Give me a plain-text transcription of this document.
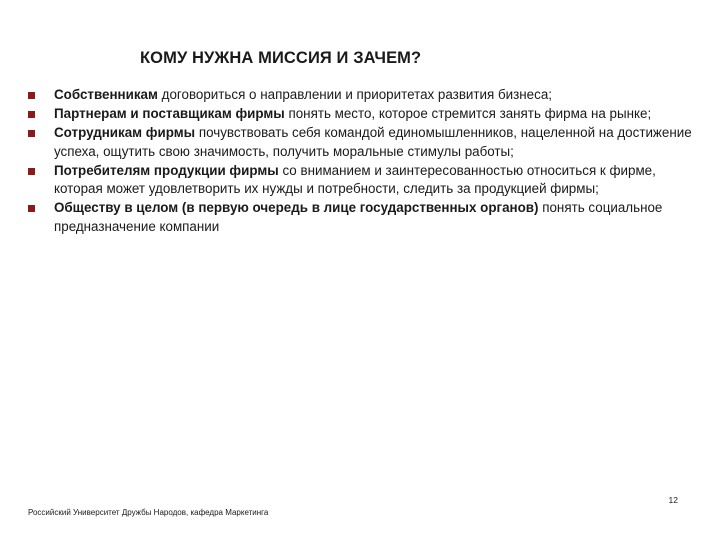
КОМУ НУЖНА МИССИЯ И ЗАЧЕМ?
Собственникам договориться о направлении и приоритетах развития бизнеса;
Партнерам и поставщикам фирмы понять место, которое стремится занять фирма на рынке;
Сотрудникам фирмы почувствовать себя командой единомышленников, нацеленной на достижение успеха, ощутить свою значимость, получить моральные стимулы работы;
Потребителям продукции фирмы со вниманием и заинтересованностью относиться к фирме, которая может удовлетворить их нужды и потребности, следить за продукцией фирмы;
Обществу в целом (в первую очередь в лице государственных органов) понять социальное предназначение компании
12
Российский Университет Дружбы Народов, кафедра Маркетинга
